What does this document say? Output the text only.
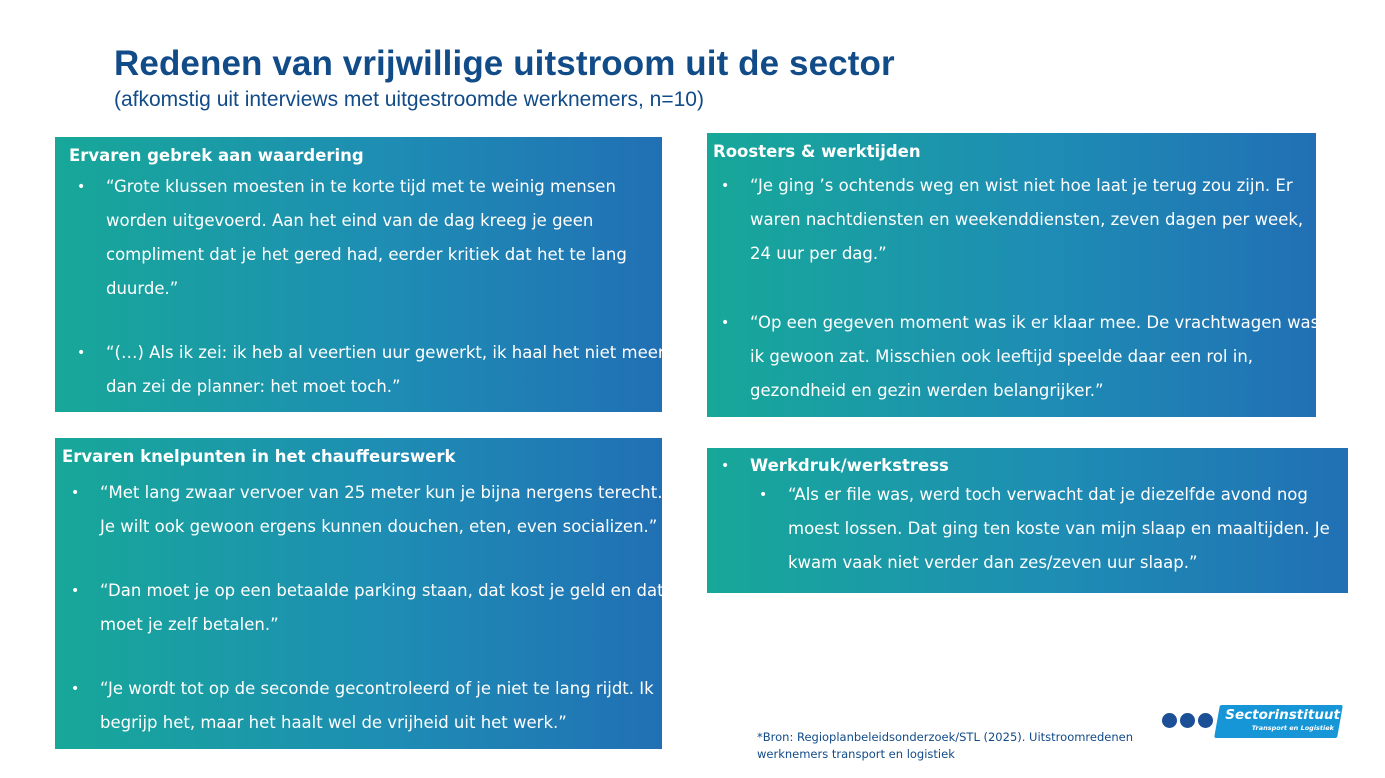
Redenen van vrijwillige uitstroom uit de sector
(afkomstig uit interviews met uitgestroomde werknemers, n=10)
Ervaren gebrek aan waardering
• “Grote klussen moesten in te korte tijd met te weinig mensen
worden uitgevoerd. Aan het eind van de dag kreeg je geen
compliment dat je het gered had, eerder kritiek dat het te lang
duurde.”
• “(…) Als ik zei: ik heb al veertien uur gewerkt, ik haal het niet meer,
dan zei de planner: het moet toch.”
Roosters & werktijden
• “Je ging ’s ochtends weg en wist niet hoe laat je terug zou zijn. Er
waren nachtdiensten en weekenddiensten, zeven dagen per week,
24 uur per dag.”
• “Op een gegeven moment was ik er klaar mee. De vrachtwagen was
ik gewoon zat. Misschien ook leeftijd speelde daar een rol in,
gezondheid en gezin werden belangrijker.”
Ervaren knelpunten in het chauffeurswerk
• “Met lang zwaar vervoer van 25 meter kun je bijna nergens terecht.
Je wilt ook gewoon ergens kunnen douchen, eten, even socializen.”
• “Dan moet je op een betaalde parking staan, dat kost je geld en dat
moet je zelf betalen.”
• “Je wordt tot op de seconde gecontroleerd of je niet te lang rijdt. Ik
begrijp het, maar het haalt wel de vrijheid uit het werk.”
• Werkdruk/werkstress
• “Als er file was, werd toch verwacht dat je diezelfde avond nog
moest lossen. Dat ging ten koste van mijn slaap en maaltijden. Je
kwam vaak niet verder dan zes/zeven uur slaap.”
*Bron: Regioplanbeleidsonderzoek/STL (2025). Uitstroomredenen
werknemers transport en logistiek
Sectorinstituut
Transport en Logistiek
